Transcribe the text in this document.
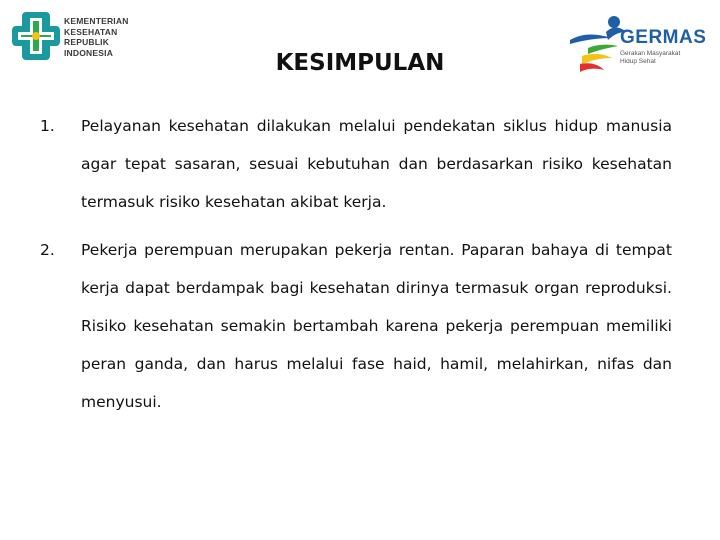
KEMENTERIAN
KESEHATAN
REPUBLIK
INDONESIA
GERMAS
Gerakan Masyarakat
Hidup Sehat
KESIMPULAN
1. Pelayanan kesehatan dilakukan melalui pendekatan siklus hidup manusia agar tepat sasaran, sesuai kebutuhan dan berdasarkan risiko kesehatan termasuk risiko kesehatan akibat kerja.

2. Pekerja perempuan merupakan pekerja rentan. Paparan bahaya di tempat kerja dapat berdampak bagi kesehatan dirinya termasuk organ reproduksi. Risiko kesehatan semakin bertambah karena pekerja perempuan memiliki peran ganda, dan harus melalui fase haid, hamil, melahirkan, nifas dan menyusui.
